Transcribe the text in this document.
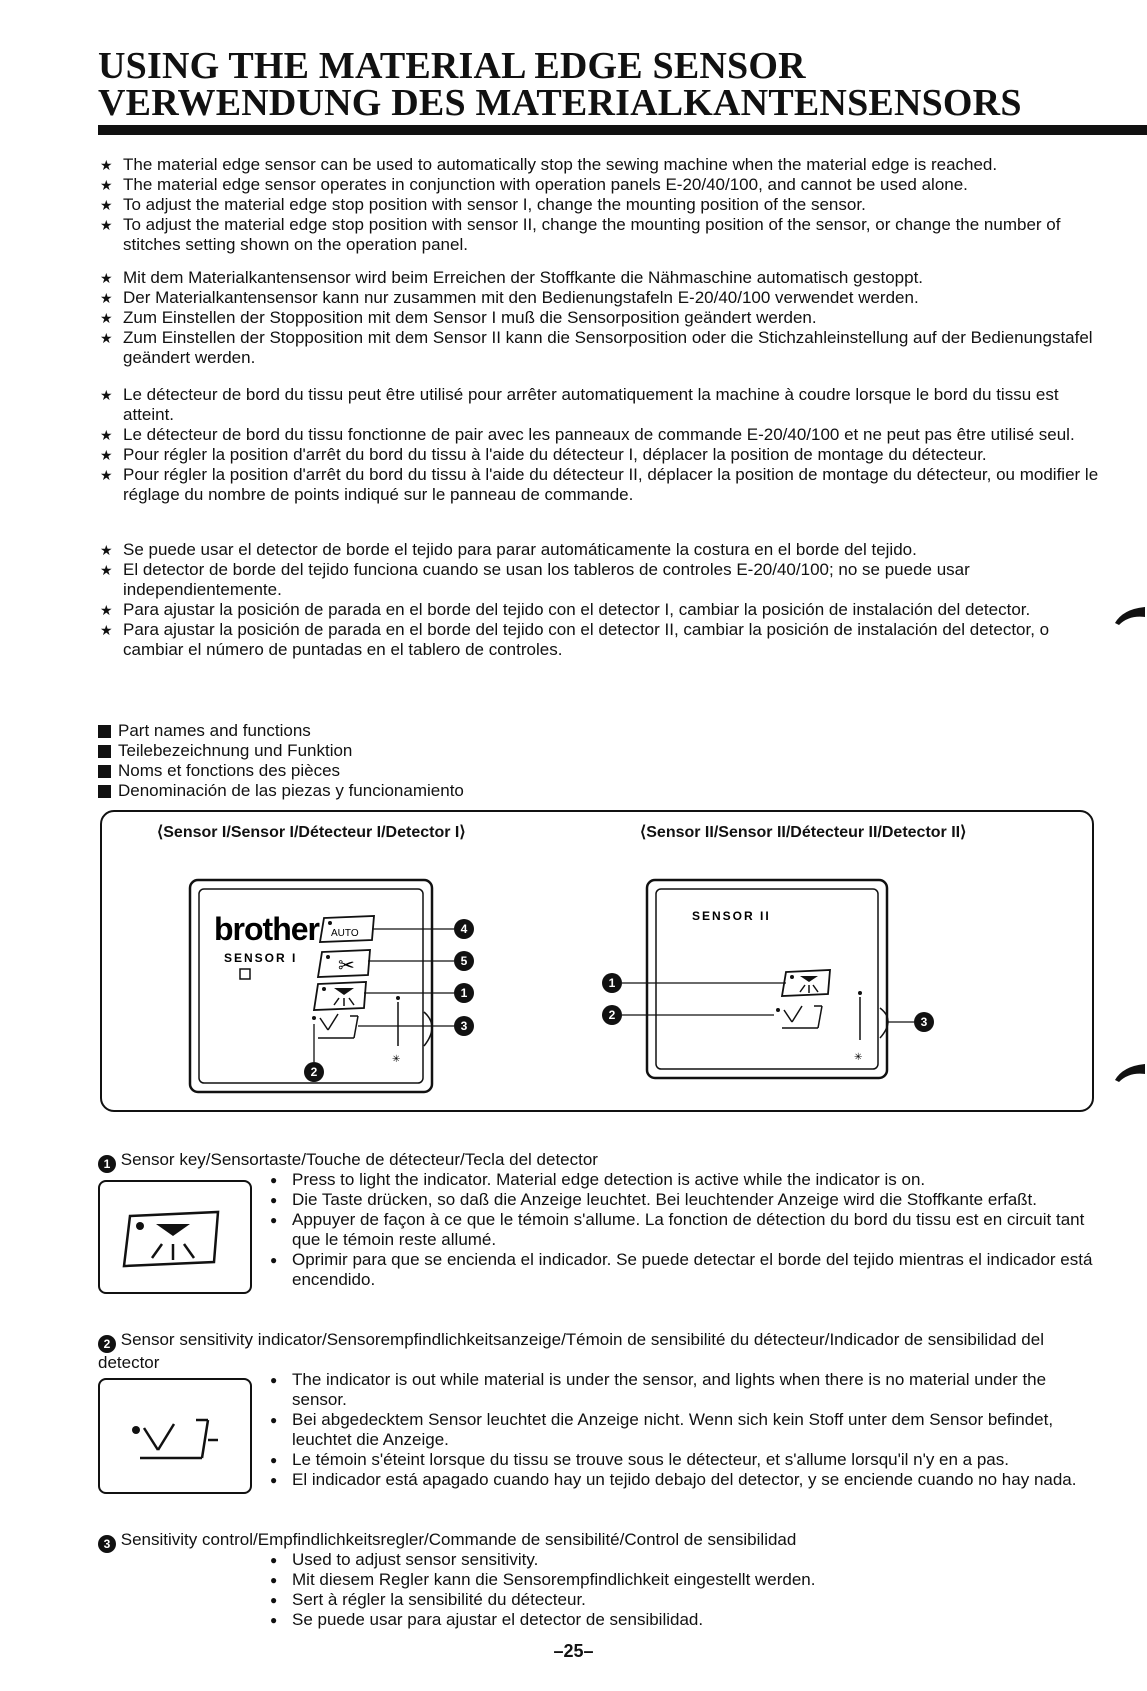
USING THE MATERIAL EDGE SENSOR
VERWENDUNG DES MATERIALKANTENSENSORS
★ The material edge sensor can be used to automatically stop the sewing machine when the material edge is reached.
★ The material edge sensor operates in conjunction with operation panels E-20/40/100, and cannot be used alone.
★ To adjust the material edge stop position with sensor I, change the mounting position of the sensor.
★ To adjust the material edge stop position with sensor II, change the mounting position of the sensor, or change the number of stitches setting shown on the operation panel.
★ Mit dem Materialkantensensor wird beim Erreichen der Stoffkante die Nähmaschine automatisch gestoppt.
★ Der Materialkantensensor kann nur zusammen mit den Bedienungstafeln E-20/40/100 verwendet werden.
★ Zum Einstellen der Stopposition mit dem Sensor I muß die Sensorposition geändert werden.
★ Zum Einstellen der Stopposition mit dem Sensor II kann die Sensorposition oder die Stichzahleinstellung auf der Bedienungstafel geändert werden.
★ Le détecteur de bord du tissu peut être utilisé pour arrêter automatiquement la machine à coudre lorsque le bord du tissu est atteint.
★ Le détecteur de bord du tissu fonctionne de pair avec les panneaux de commande E-20/40/100 et ne peut pas être utilisé seul.
★ Pour régler la position d'arrêt du bord du tissu à l'aide du détecteur I, déplacer la position de montage du détecteur.
★ Pour régler la position d'arrêt du bord du tissu à l'aide du détecteur II, déplacer la position de montage du détecteur, ou modifier le réglage du nombre de points indiqué sur le panneau de commande.
★ Se puede usar el detector de borde el tejido para parar automáticamente la costura en el borde del tejido.
★ El detector de borde del tejido funciona cuando se usan los tableros de controles E-20/40/100; no se puede usar independientemente.
★ Para ajustar la posición de parada en el borde del tejido con el detector I, cambiar la posición de instalación del detector.
★ Para ajustar la posición de parada en el borde del tejido con el detector II, cambiar la posición de instalación del detector, o cambiar el número de puntadas en el tablero de controles.
Part names and functions
Teilebezeichnung und Funktion
Noms et fonctions des pièces
Denominación de las piezas y funcionamiento
⟨Sensor I/Sensor I/Détecteur I/Detector I⟩	⟨Sensor II/Sensor II/Détecteur II/Detector II⟩
brother
SENSOR I
AUTO
✂
✳
4
5
1
3
2
SENSOR II
✳
1
2	3

1 Sensor key/Sensortaste/Touche de détecteur/Tecla del detector

● Press to light the indicator. Material edge detection is active while the indicator is on.
● Die Taste drücken, so daß die Anzeige leuchtet. Bei leuchtender Anzeige wird die Stoffkante erfaßt.
● Appuyer de façon à ce que le témoin s'allume. La fonction de détection du bord du tissu est en circuit tant que le témoin reste allumé.
● Oprimir para que se encienda el indicador. Se puede detectar el borde del tejido mientras el indicador está encendido.

2 Sensor sensitivity indicator/Sensorempfindlichkeitsanzeige/Témoin de sensibilité du détecteur/Indicador de sensibilidad del detector

● The indicator is out while material is under the sensor, and lights when there is no material under the sensor.
● Bei abgedecktem Sensor leuchtet die Anzeige nicht. Wenn sich kein Stoff unter dem Sensor befindet, leuchtet die Anzeige.
● Le témoin s'éteint lorsque du tissu se trouve sous le détecteur, et s'allume lorsqu'il n'y en a pas.
● El indicador está apagado cuando hay un tejido debajo del detector, y se enciende cuando no hay nada.

3 Sensitivity control/Empfindlichkeitsregler/Commande de sensibilité/Control de sensibilidad

● Used to adjust sensor sensitivity.
● Mit diesem Regler kann die Sensorempfindlichkeit eingestellt werden.
● Sert à régler la sensibilité du détecteur.
● Se puede usar para ajustar el detector de sensibilidad.
–25–
